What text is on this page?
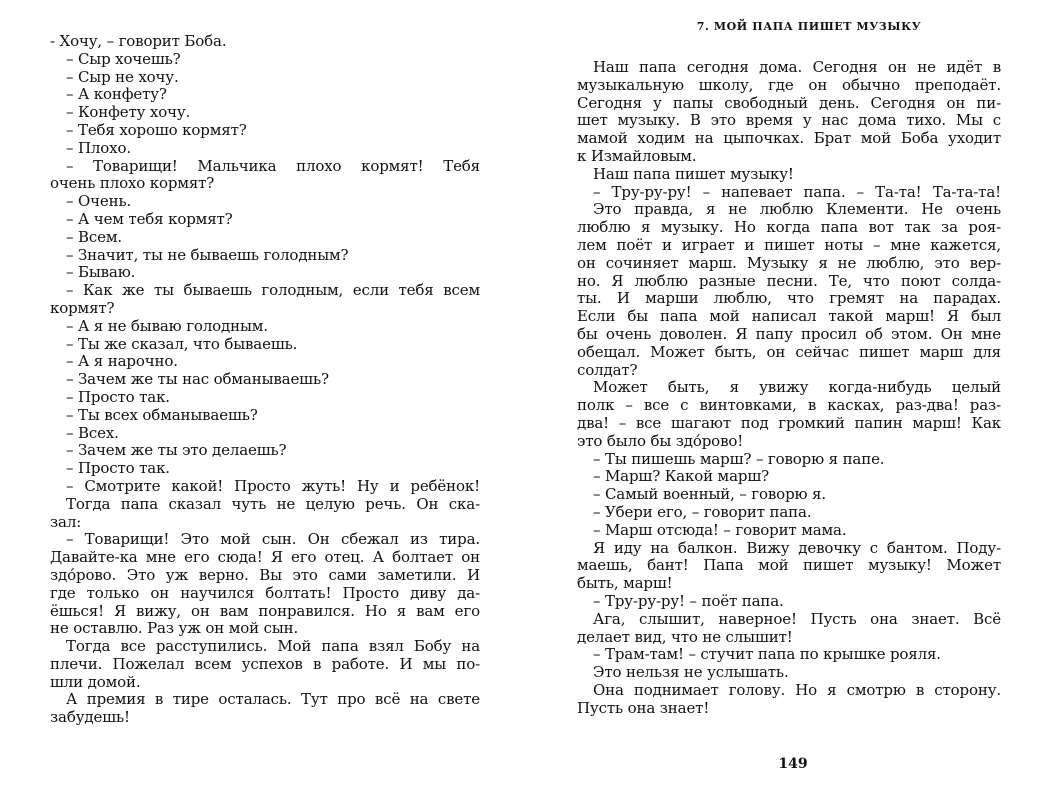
- Хочу, – говорит Боба.

– Сыр хочешь?

– Сыр не хочу.

– А конфету?

– Конфету хочу.

– Тебя хорошо кормят?

– Плохо.

– Товарищи! Мальчика плохо кормят! Тебя

очень плохо кормят?

– Очень.

– А чем тебя кормят?

– Всем.

– Значит, ты не бываешь голодным?

– Бываю.

– Как же ты бываешь голодным, если тебя всем

кормят?

– А я не бываю голодным.

– Ты же сказал, что бываешь.

– А я нарочно.

– Зачем же ты нас обманываешь?

– Просто так.

– Ты всех обманываешь?

– Всех.

– Зачем же ты это делаешь?

– Просто так.

– Смотрите какой! Просто жуть! Ну и ребёнок!

Тогда папа сказал чуть не целую речь. Он ска-

зал:

– Товарищи! Это мой сын. Он сбежал из тира.

Давайте-ка мне его сюда! Я его отец. А болтает он

здо́рово. Это уж верно. Вы это сами заметили. И

где только он научился болтать! Просто диву да-

ёшься! Я вижу, он вам понравился. Но я вам его

не оставлю. Раз уж он мой сын.

Тогда все расступились. Мой папа взял Бобу на

плечи. Пожелал всем успехов в работе. И мы по-

шли домой.

А премия в тире осталась. Тут про всё на свете

забудешь!

7. МОЙ ПАПА ПИШЕТ МУЗЫКУ

Наш папа сегодня дома. Сегодня он не идёт в

музыкальную школу, где он обычно преподаёт.

Сегодня у папы свободный день. Сегодня он пи-

шет музыку. В это время у нас дома тихо. Мы с

мамой ходим на цыпочках. Брат мой Боба уходит

к Измайловым.

Наш папа пишет музыку!

– Тру-ру-ру! – напевает папа. – Та-та! Та-та-та!

Это правда, я не люблю Клементи. Не очень

люблю я музыку. Но когда папа вот так за роя-

лем поёт и играет и пишет ноты – мне кажется,

он сочиняет марш. Музыку я не люблю, это вер-

но. Я люблю разные песни. Те, что поют солда-

ты. И марши люблю, что гремят на парадах.

Если бы папа мой написал такой марш! Я был

бы очень доволен. Я папу просил об этом. Он мне

обещал. Может быть, он сейчас пишет марш для

солдат?

Может быть, я увижу когда-нибудь целый

полк – все с винтовками, в касках, раз-два! раз-

два! – все шагают под громкий папин марш! Как

это было бы здо́рово!

– Ты пишешь марш? – говорю я папе.

– Марш? Какой марш?

– Самый военный, – говорю я.

– Убери его, – говорит папа.

– Марш отсюда! – говорит мама.

Я иду на балкон. Вижу девочку с бантом. Поду-

маешь, бант! Папа мой пишет музыку! Может

быть, марш!

– Тру-ру-ру! – поёт папа.

Ага, слышит, наверное! Пусть она знает. Всё

делает вид, что не слышит!

– Трам-там! – стучит папа по крышке рояля.

Это нельзя не услышать.

Она поднимает голову. Но я смотрю в сторону.

Пусть она знает!

149
